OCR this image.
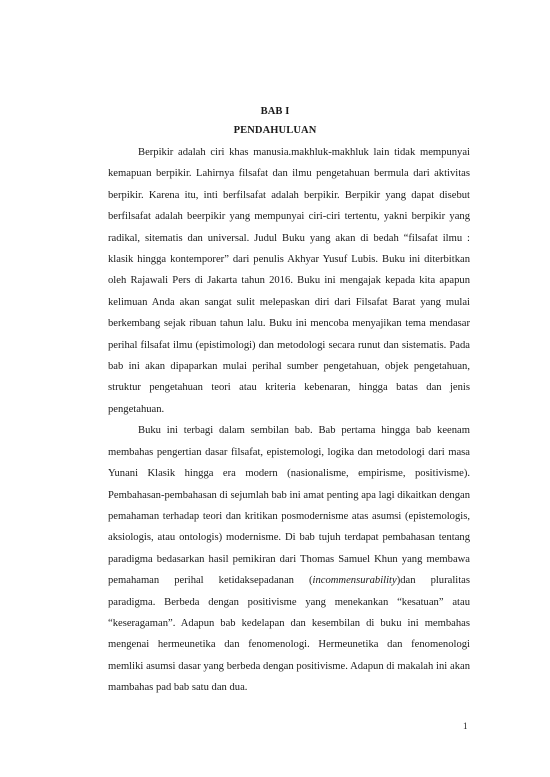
BAB I
PENDAHULUAN

Berpikir adalah ciri khas manusia.makhluk-makhluk lain tidak mempunyai kemapuan berpikir. Lahirnya filsafat dan ilmu pengetahuan bermula dari aktivitas berpikir. Karena itu, inti berfilsafat adalah berpikir. Berpikir yang dapat disebut berfilsafat adalah beerpikir yang mempunyai ciri-ciri tertentu, yakni berpikir yang radikal, sitematis dan universal. Judul Buku yang akan di bedah “filsafat ilmu : klasik hingga kontemporer” dari penulis Akhyar Yusuf Lubis. Buku ini diterbitkan oleh Rajawali Pers di Jakarta tahun 2016. Buku ini mengajak kepada kita apapun kelimuan Anda akan sangat sulit melepaskan diri dari Filsafat Barat yang mulai berkembang sejak ribuan tahun lalu. Buku ini mencoba menyajikan tema mendasar perihal filsafat ilmu (epistimologi) dan metodologi secara runut dan sistematis. Pada bab ini akan dipaparkan mulai perihal sumber pengetahuan, objek pengetahuan, struktur pengetahuan teori atau kriteria kebenaran, hingga batas dan jenis pengetahuan.

Buku ini terbagi dalam sembilan bab. Bab pertama hingga bab keenam membahas pengertian dasar filsafat, epistemologi, logika dan metodologi dari masa Yunani Klasik hingga era modern (nasionalisme, empirisme, positivisme). Pembahasan-pembahasan di sejumlah bab ini amat penting apa lagi dikaitkan dengan pemahaman terhadap teori dan kritikan posmodernisme atas asumsi (epistemologis, aksiologis, atau ontologis) modernisme. Di bab tujuh terdapat pembahasan tentang paradigma bedasarkan hasil pemikiran dari Thomas Samuel Khun yang membawa pemahaman perihal ketidaksepadanan (incommensurability)dan pluralitas paradigma. Berbeda dengan positivisme yang menekankan “kesatuan” atau “keseragaman”. Adapun bab kedelapan dan kesembilan di buku ini membahas mengenai hermeunetika dan fenomenologi. Hermeunetika dan fenomenologi memliki asumsi dasar yang berbeda dengan positivisme. Adapun di makalah ini akan mambahas pad bab satu dan dua.

1
